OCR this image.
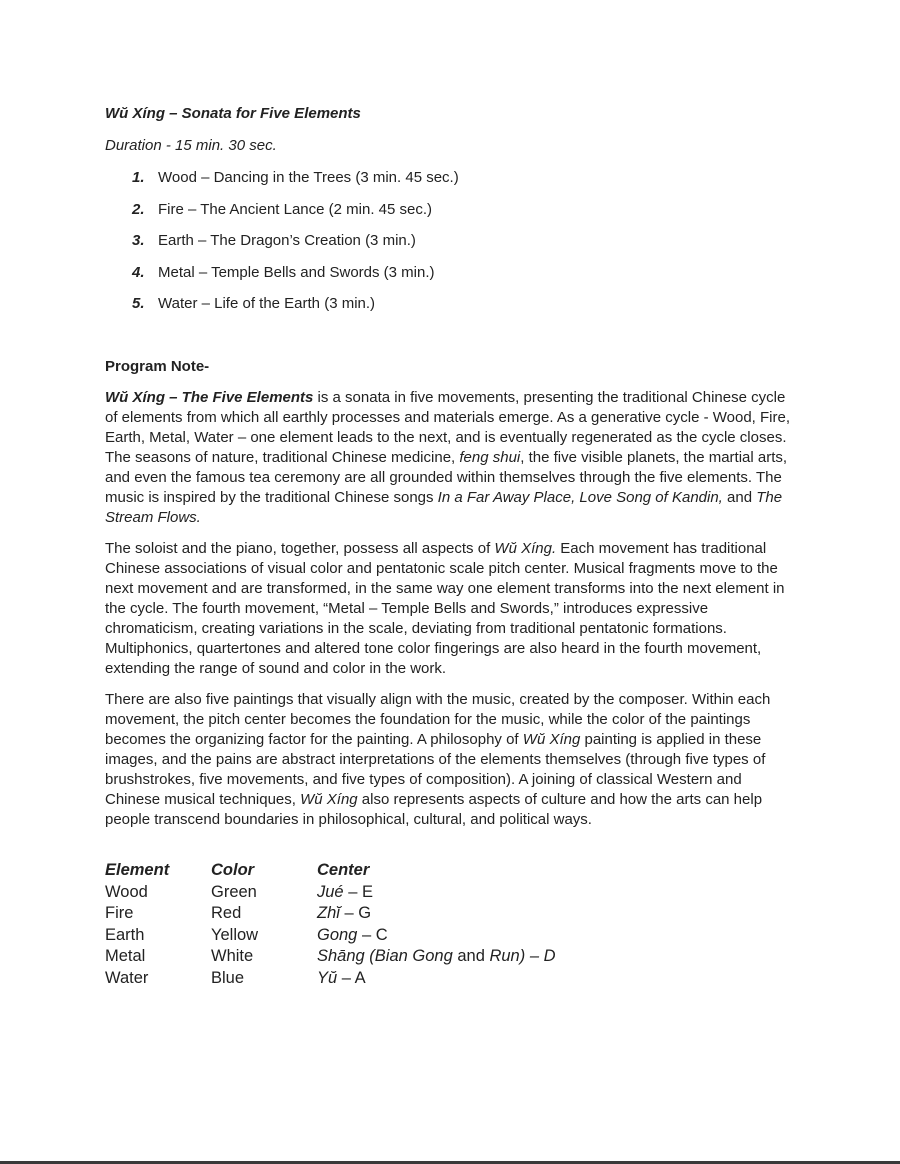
Wŭ Xíng – Sonata for Five Elements

Duration - 15 min. 30 sec.

1. Wood – Dancing in the Trees (3 min. 45 sec.)
2. Fire – The Ancient Lance (2 min. 45 sec.)
3. Earth – The Dragon’s Creation (3 min.)
4. Metal – Temple Bells and Swords (3 min.)
5. Water – Life of the Earth (3 min.)

Program Note-

Wŭ Xíng – The Five Elements is a sonata in five movements, presenting the traditional Chinese cycle of elements from which all earthly processes and materials emerge. As a generative cycle - Wood, Fire, Earth, Metal, Water – one element leads to the next, and is eventually regenerated as the cycle closes. The seasons of nature, traditional Chinese medicine, feng shui, the five visible planets, the martial arts, and even the famous tea ceremony are all grounded within themselves through the five elements. The music is inspired by the traditional Chinese songs In a Far Away Place, Love Song of Kandin, and The Stream Flows.

The soloist and the piano, together, possess all aspects of Wŭ Xíng. Each movement has traditional Chinese associations of visual color and pentatonic scale pitch center. Musical fragments move to the next movement and are transformed, in the same way one element transforms into the next element in the cycle. The fourth movement, “Metal – Temple Bells and Swords,” introduces expressive chromaticism, creating variations in the scale, deviating from traditional pentatonic formations. Multiphonics, quartertones and altered tone color fingerings are also heard in the fourth movement, extending the range of sound and color in the work.

There are also five paintings that visually align with the music, created by the composer. Within each movement, the pitch center becomes the foundation for the music, while the color of the paintings becomes the organizing factor for the painting. A philosophy of Wŭ Xíng painting is applied in these images, and the pains are abstract interpretations of the elements themselves (through five types of brushstrokes, five movements, and five types of composition). A joining of classical Western and Chinese musical techniques, Wŭ Xíng also represents aspects of culture and how the arts can help people transcend boundaries in philosophical, cultural, and political ways.

Element	Color	Center
Wood	Green	Jué – E
Fire	Red	Zhĭ – G
Earth	Yellow	Gong – C
Metal	White	Shāng (Bian Gong and Run) – D
Water	Blue	Yŭ – A
